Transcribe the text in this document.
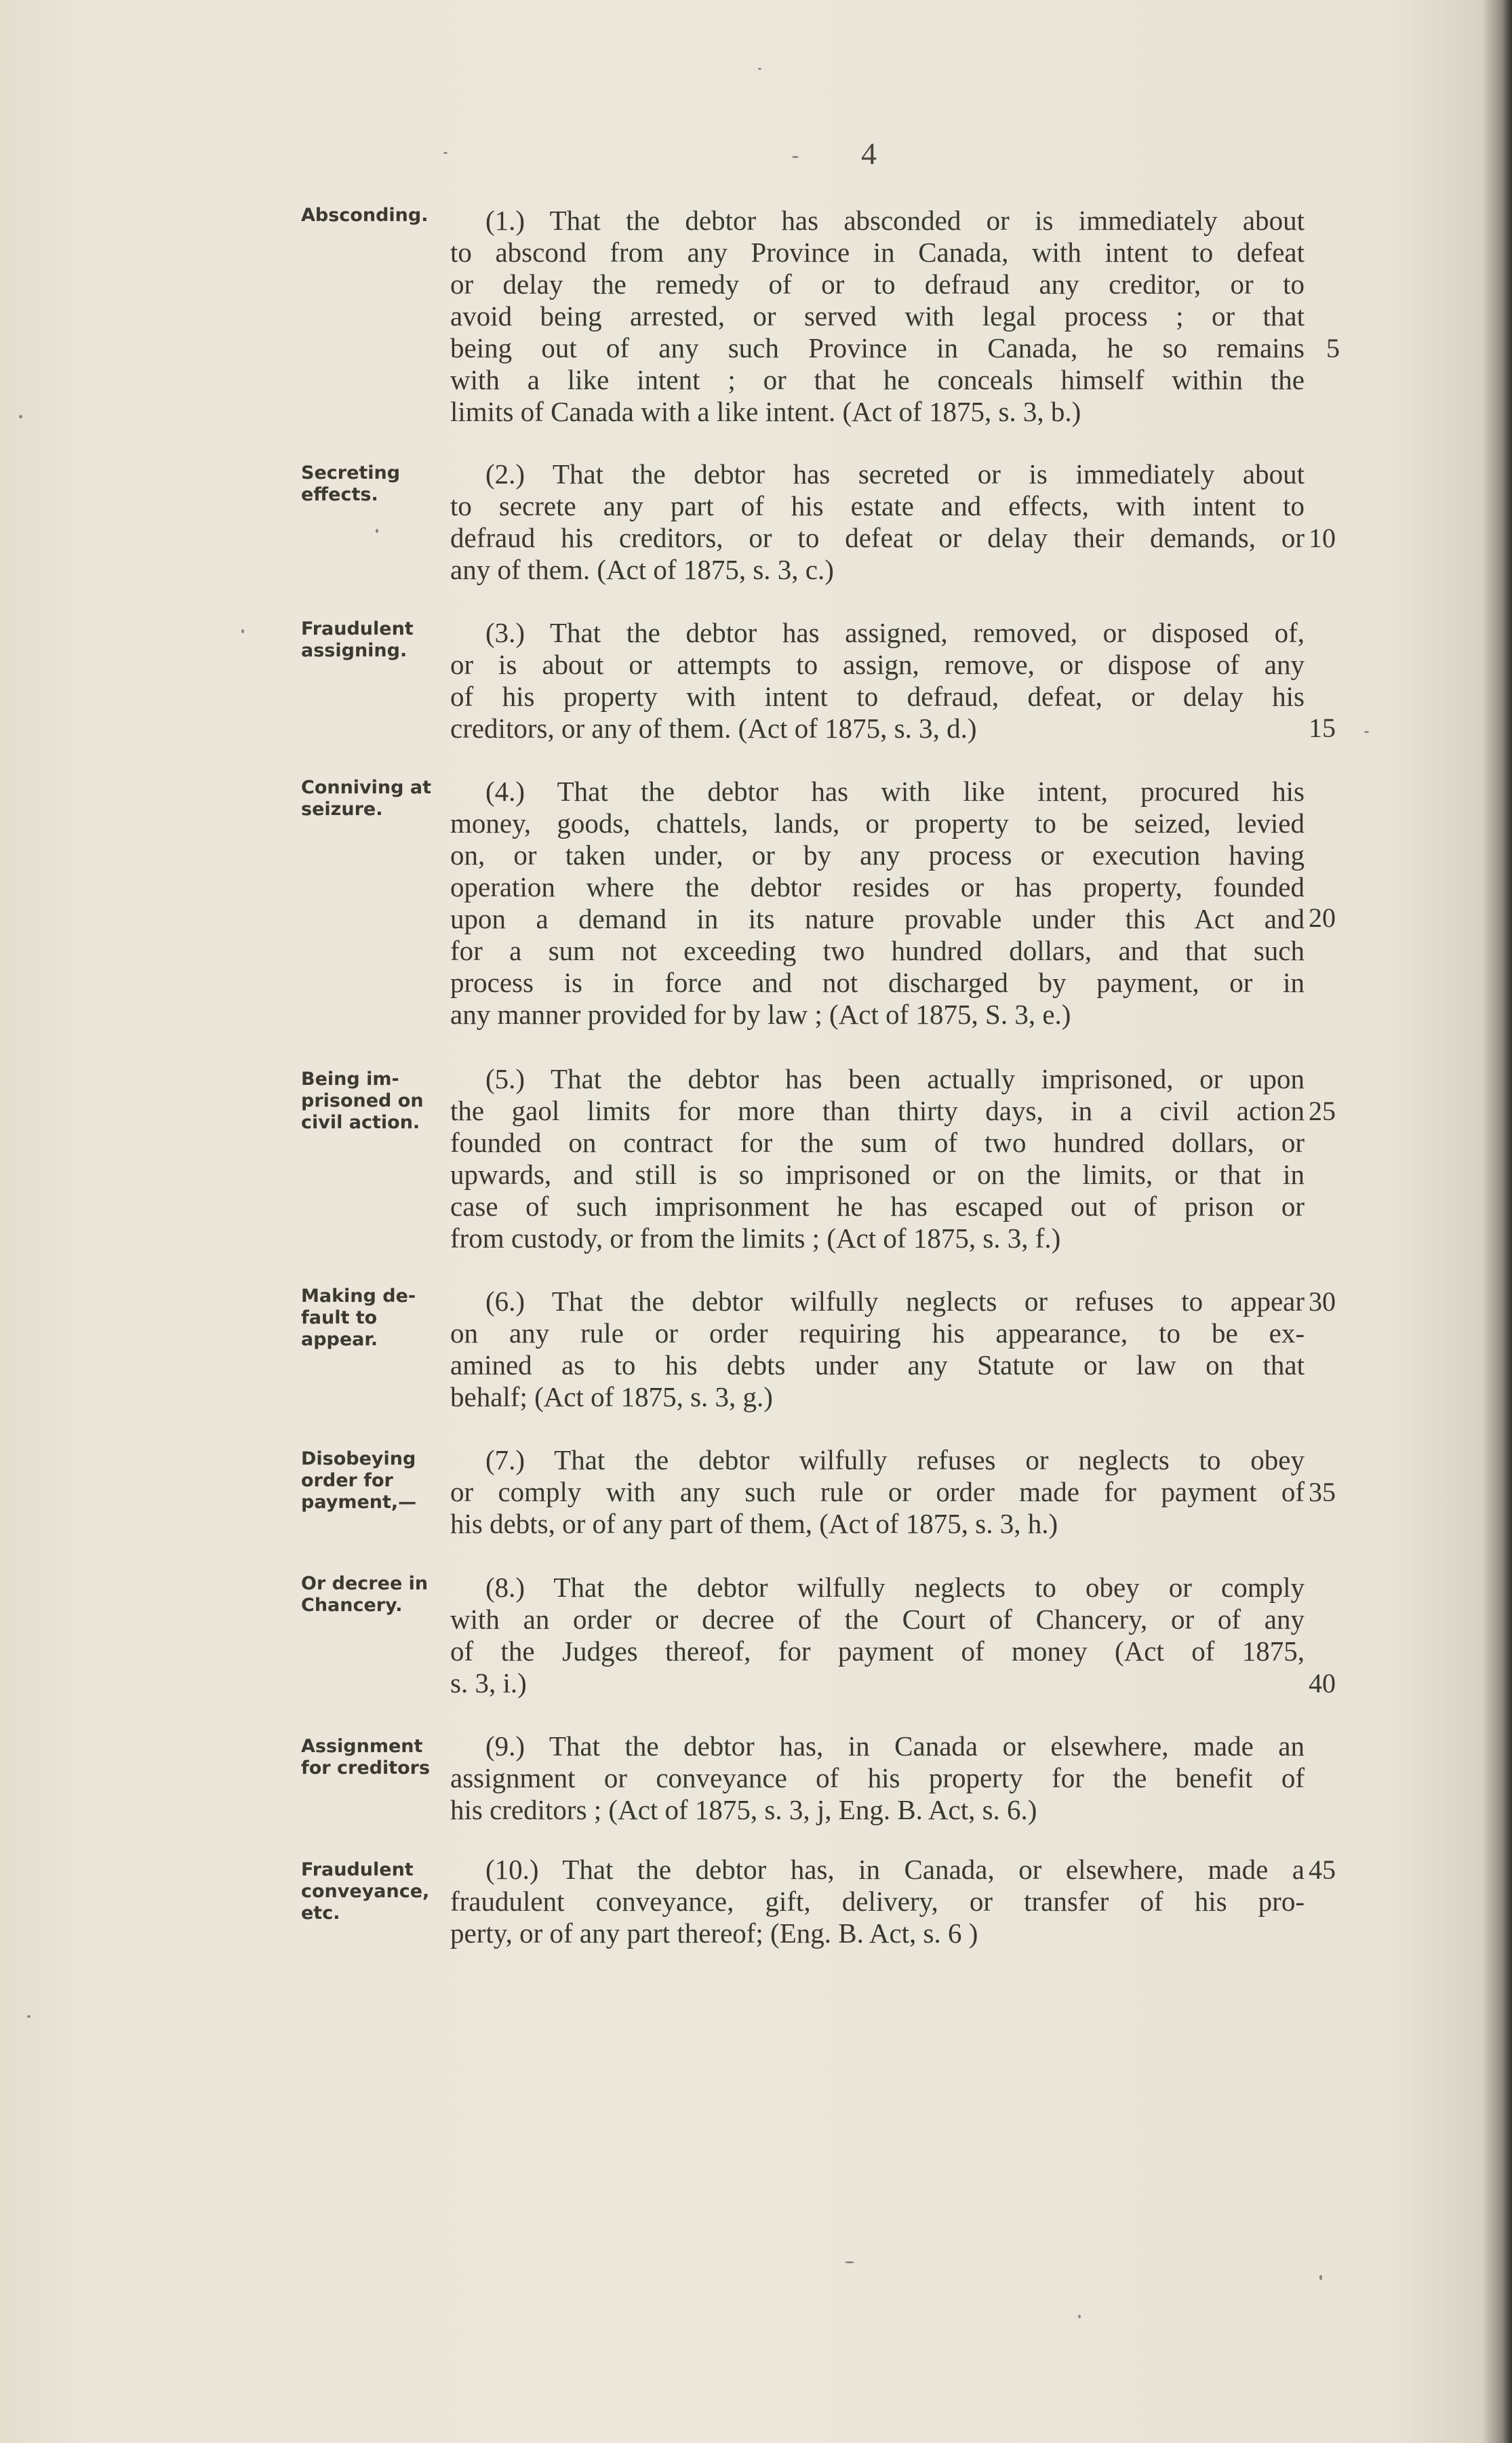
4
Absconding.	(1.) That the debtor has absconded or is immediately about
to abscond from any Province in Canada, with intent to defeat
or delay the remedy of or to defraud any creditor, or to
avoid being arrested, or served with legal process ; or that
being out of any such Province in Canada, he so remains
with a like intent ; or that he conceals himself within the
limits of Canada with a like intent. (Act of 1875, s. 3, b.)
Secreting
effects.
(2.) That the debtor has secreted or is immediately about
to secrete any part of his estate and effects, with intent to
defraud his creditors, or to defeat or delay their demands, or
any of them. (Act of 1875, s. 3, c.)
Fraudulent
assigning.
(3.) That the debtor has assigned, removed, or disposed of,
or is about or attempts to assign, remove, or dispose of any
of his property with intent to defraud, defeat, or delay his
creditors, or any of them. (Act of 1875, s. 3, d.)
Conniving at
seizure.
(4.) That the debtor has with like intent, procured his
money, goods, chattels, lands, or property to be seized, levied
on, or taken under, or by any process or execution having
operation where the debtor resides or has property, founded
upon a demand in its nature provable under this Act and
for a sum not exceeding two hundred dollars, and that such
process is in force and not discharged by payment, or in
any manner provided for by law ; (Act of 1875, S. 3, e.)
Being im-
prisoned on
civil action.
(5.) That the debtor has been actually imprisoned, or upon
the gaol limits for more than thirty days, in a civil action
founded on contract for the sum of two hundred dollars, or
upwards, and still is so imprisoned or on the limits, or that in
case of such imprisonment he has escaped out of prison or
from custody, or from the limits ; (Act of 1875, s. 3, f.)
Making de-
fault to
appear.
(6.) That the debtor wilfully neglects or refuses to appear
on any rule or order requiring his appearance, to be ex-
amined as to his debts under any Statute or law on that
behalf; (Act of 1875, s. 3, g.)
Disobeying
order for
payment,—
(7.) That the debtor wilfully refuses or neglects to obey
or comply with any such rule or order made for payment of
his debts, or of any part of them, (Act of 1875, s. 3, h.)
Or decree in
Chancery.
(8.) That the debtor wilfully neglects to obey or comply
with an order or decree of the Court of Chancery, or of any
of the Judges thereof, for payment of money (Act of 1875,
s. 3, i.)
Assignment
for creditors
(9.) That the debtor has, in Canada or elsewhere, made an
assignment or conveyance of his property for the benefit of
his creditors ; (Act of 1875, s. 3, j, Eng. B. Act, s. 6.)
Fraudulent
conveyance,
etc.
(10.) That the debtor has, in Canada, or elsewhere, made a
fraudulent conveyance, gift, delivery, or transfer of his pro-
perty, or of any part thereof; (Eng. B. Act, s. 6 )
5
10
15
20
25
30
35
40
45
